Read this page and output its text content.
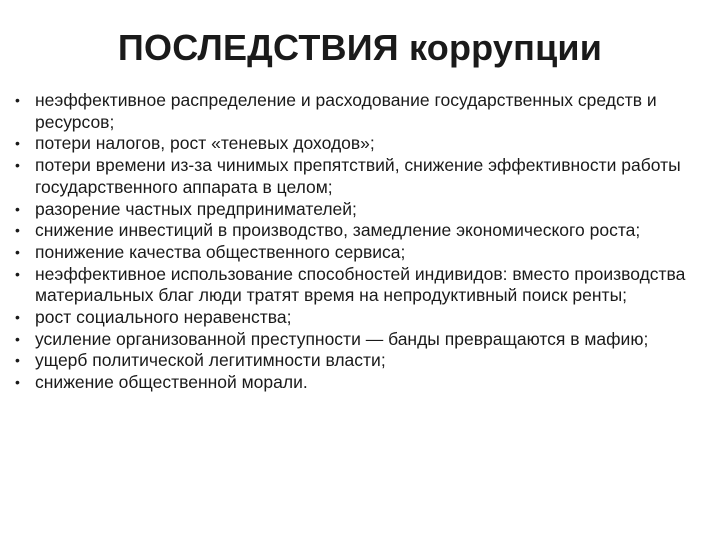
ПОСЛЕДСТВИЯ коррупции
• неэффективное распределение и расходование государственных средств и ресурсов;
• потери налогов, рост «теневых доходов»;
• потери времени из-за чинимых препятствий, снижение эффективности работы государственного аппарата в целом;
• разорение частных предпринимателей;
• снижение инвестиций в производство, замедление экономического роста;
• понижение качества общественного сервиса;
• неэффективное использование способностей индивидов: вместо производства материальных благ люди тратят время на непродуктивный поиск ренты;
• рост социального неравенства;
• усиление организованной преступности — банды превращаются в мафию;
• ущерб политической легитимности власти;
• снижение общественной морали.
